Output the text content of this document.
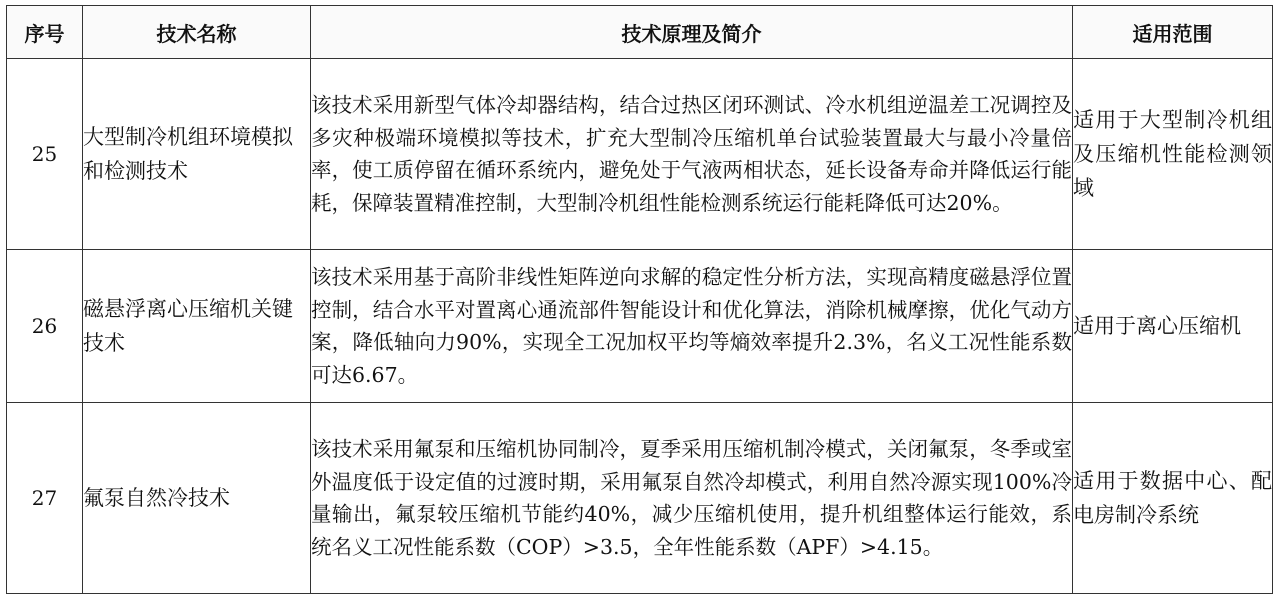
序号	技术名称	技术原理及简介	适用范围
25	大型制冷机组环境模拟和检测技术	该技术采用新型气体冷却器结构，结合过热区闭环测试、冷水机组逆温差工况调控及多灾种极端环境模拟等技术，扩充大型制冷压缩机单台试验装置最大与最小冷量倍率，使工质停留在循环系统内，避免处于气液两相状态，延长设备寿命并降低运行能耗，保障装置精准控制，大型制冷机组性能检测系统运行能耗降低可达20%。	适用于大型制冷机组及压缩机性能检测领域
26	磁悬浮离心压缩机关键技术	该技术采用基于高阶非线性矩阵逆向求解的稳定性分析方法，实现高精度磁悬浮位置控制，结合水平对置离心通流部件智能设计和优化算法，消除机械摩擦，优化气动方案，降低轴向力90%，实现全工况加权平均等熵效率提升2.3%，名义工况性能系数可达6.67。	适用于离心压缩机
27	氟泵自然冷技术	该技术采用氟泵和压缩机协同制冷，夏季采用压缩机制冷模式，关闭氟泵，冬季或室外温度低于设定值的过渡时期，采用氟泵自然冷却模式，利用自然冷源实现100%冷量输出，氟泵较压缩机节能约40%，减少压缩机使用，提升机组整体运行能效，系统名义工况性能系数（COP）>3.5，全年性能系数（APF）>4.15。	适用于数据中心、配电房制冷系统
